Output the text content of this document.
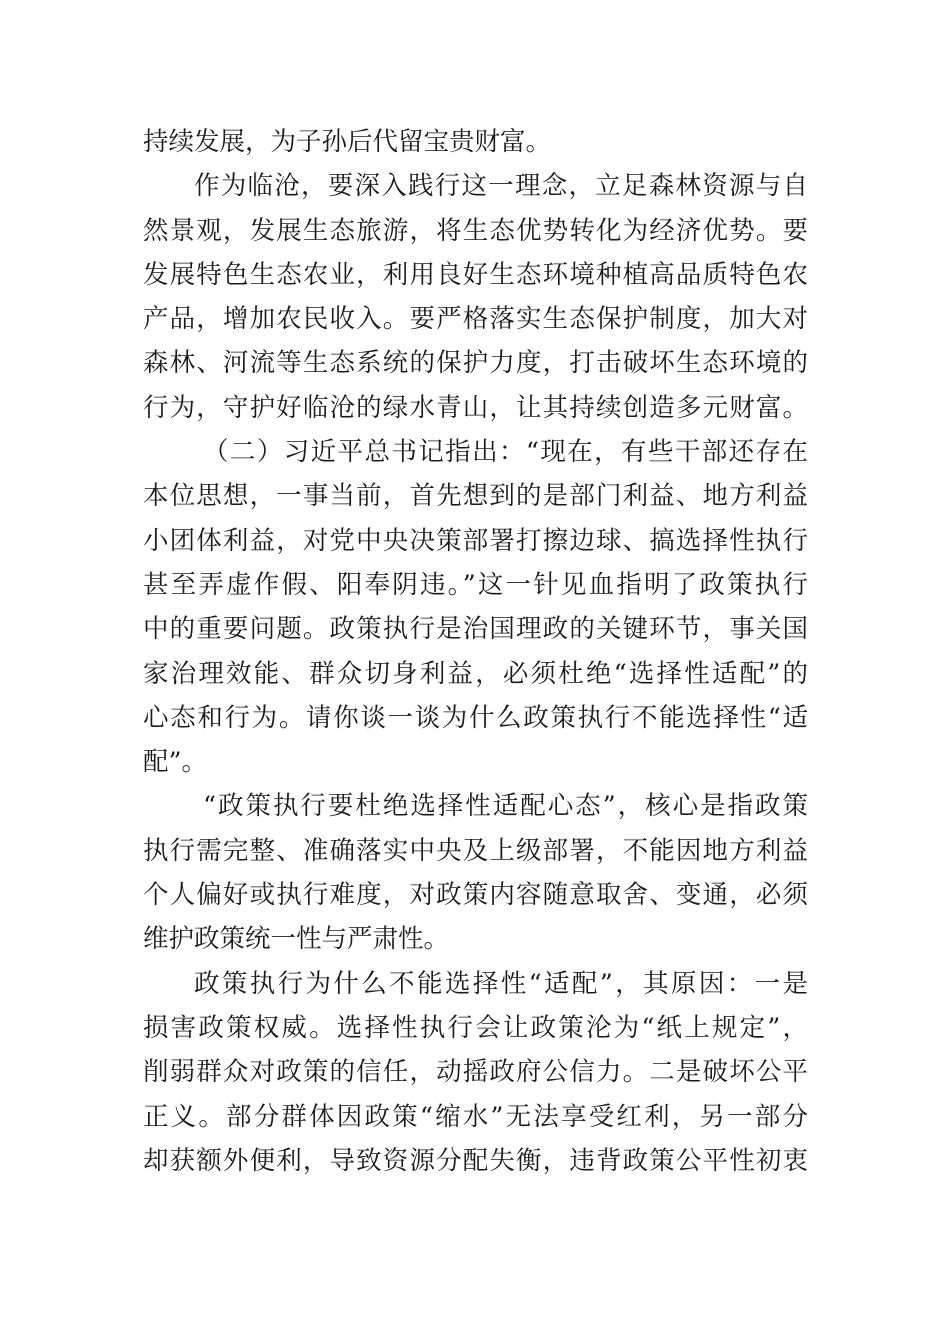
持续发展，为子孙后代留宝贵财富。

作为临沧，要深入践行这一理念，立足森林资源与自
然景观，发展生态旅游，将生态优势转化为经济优势。要
发展特色生态农业，利用良好生态环境种植高品质特色农
产品，增加农民收入。要严格落实生态保护制度，加大对
森林、河流等生态系统的保护力度，打击破坏生态环境的
行为，守护好临沧的绿水青山，让其持续创造多元财富。

（二）习近平总书记指出：“现在，有些干部还存在
本位思想，一事当前，首先想到的是部门利益、地方利益
小团体利益，对党中央决策部署打擦边球、搞选择性执行
甚至弄虚作假、阳奉阴违。”这一针见血指明了政策执行
中的重要问题。政策执行是治国理政的关键环节，事关国
家治理效能、群众切身利益，必须杜绝“选择性适配”的
心态和行为。请你谈一谈为什么政策执行不能选择性“适
配”。

“政策执行要杜绝选择性适配心态”，核心是指政策
执行需完整、准确落实中央及上级部署，不能因地方利益
个人偏好或执行难度，对政策内容随意取舍、变通，必须
维护政策统一性与严肃性。

政策执行为什么不能选择性“适配”，其原因：一是
损害政策权威。选择性执行会让政策沦为“纸上规定”，
削弱群众对政策的信任，动摇政府公信力。二是破坏公平
正义。部分群体因政策“缩水”无法享受红利，另一部分
却获额外便利，导致资源分配失衡，违背政策公平性初衷
